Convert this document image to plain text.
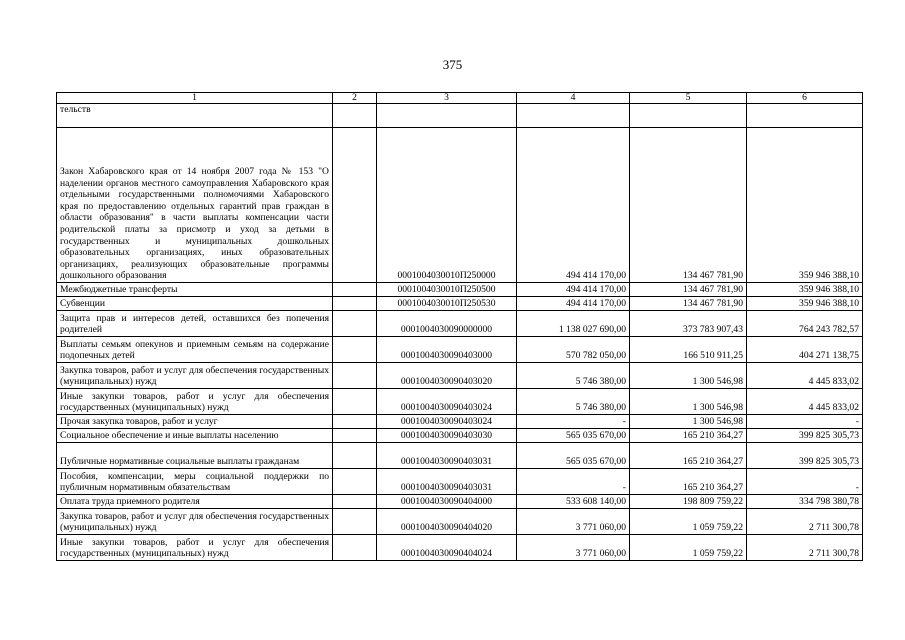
375
1	2	3	4	5	6
тельств					
Закон Хабаровского края от 14 ноября 2007 года № 153 "О наделении органов местного самоуправления Хабаровского края отдельными государственными полномочиями Хабаровского края по предоставлению отдельных гарантий прав граждан в области образования" в части выплаты компенсации части родительской платы за присмотр и уход за детьми в государственных и муниципальных дошкольных образовательных организациях, иных образовательных организациях, реализующих образовательные программы дошкольного образования		0001004030010П250000	494 414 170,00	134 467 781,90	359 946 388,10
Межбюджетные трансферты		0001004030010П250500	494 414 170,00	134 467 781,90	359 946 388,10
Субвенции		0001004030010П250530	494 414 170,00	134 467 781,90	359 946 388,10
Защита прав и интересов детей, оставшихся без попечения родителей		0001004030090000000	1 138 027 690,00	373 783 907,43	764 243 782,57
Выплаты семьям опекунов и приемным семьям на содержание подопечных детей		0001004030090403000	570 782 050,00	166 510 911,25	404 271 138,75
Закупка товаров, работ и услуг для обеспечения государственных (муниципальных) нужд		0001004030090403020	5 746 380,00	1 300 546,98	4 445 833,02
Иные закупки товаров, работ и услуг для обеспечения государственных (муниципальных) нужд		0001004030090403024	5 746 380,00	1 300 546,98	4 445 833,02
Прочая закупка товаров, работ и услуг		0001004030090403024	-	1 300 546,98	-
Социальное обеспечение и иные выплаты населению		0001004030090403030	565 035 670,00	165 210 364,27	399 825 305,73
Публичные нормативные социальные выплаты гражданам		0001004030090403031	565 035 670,00	165 210 364,27	399 825 305,73
Пособия, компенсации, меры социальной поддержки по публичным нормативным обязательствам		0001004030090403031	-	165 210 364,27	-
Оплата труда приемного родителя		0001004030090404000	533 608 140,00	198 809 759,22	334 798 380,78
Закупка товаров, работ и услуг для обеспечения государственных (муниципальных) нужд		0001004030090404020	3 771 060,00	1 059 759,22	2 711 300,78
Иные закупки товаров, работ и услуг для обеспечения государственных (муниципальных) нужд		0001004030090404024	3 771 060,00	1 059 759,22	2 711 300,78
